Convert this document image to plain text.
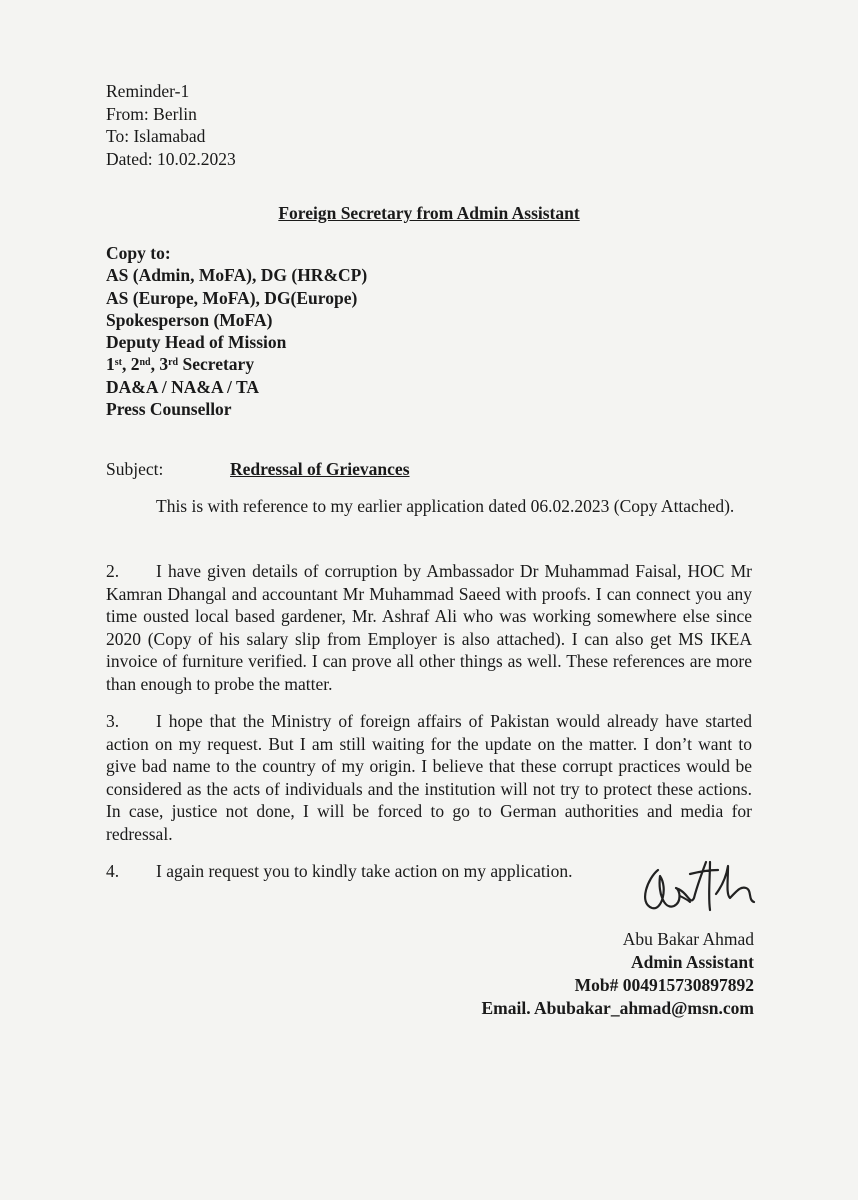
Reminder-1
From: Berlin
To: Islamabad
Dated: 10.02.2023
Foreign Secretary from Admin Assistant
Copy to:
AS (Admin, MoFA), DG (HR&CP)
AS (Europe, MoFA), DG(Europe)
Spokesperson (MoFA)
Deputy Head of Mission
1st, 2nd, 3rd Secretary
DA&A / NA&A / TA
Press Counsellor
Subject:	Redressal of Grievances
This is with reference to my earlier application dated 06.02.2023 (Copy Attached).
2. I have given details of corruption by Ambassador Dr Muhammad Faisal, HOC Mr Kamran Dhangal and accountant Mr Muhammad Saeed with proofs. I can connect you any time ousted local based gardener, Mr. Ashraf Ali who was working somewhere else since 2020 (Copy of his salary slip from Employer is also attached). I can also get MS IKEA invoice of furniture verified. I can prove all other things as well. These references are more than enough to probe the matter.
3. I hope that the Ministry of foreign affairs of Pakistan would already have started action on my request. But I am still waiting for the update on the matter. I don’t want to give bad name to the country of my origin. I believe that these corrupt practices would be considered as the acts of individuals and the institution will not try to protect these actions. In case, justice not done, I will be forced to go to German authorities and media for redressal.
4. I again request you to kindly take action on my application.
Abu Bakar Ahmad
Admin Assistant
Mob# 004915730897892
Email. Abubakar_ahmad@msn.com
